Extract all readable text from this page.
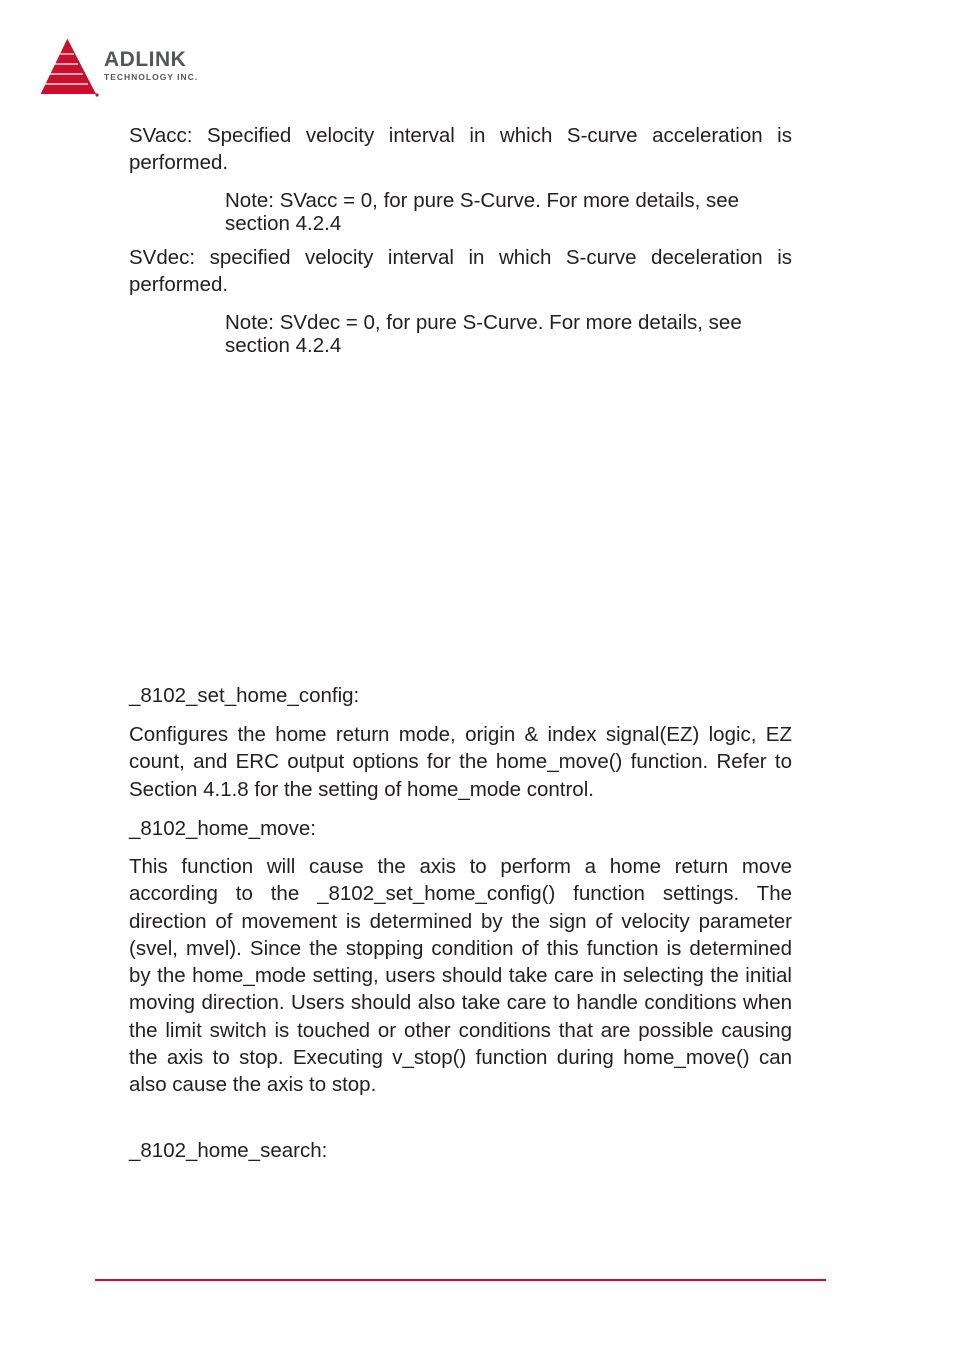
ADLINK
TECHNOLOGY INC.

SVacc: Specified velocity interval in which S-curve acceleration is performed.

Note: SVacc = 0, for pure S-Curve. For more details, see section 4.2.4

SVdec: specified velocity interval in which S-curve deceleration is performed.

Note: SVdec = 0, for pure S-Curve. For more details, see section 4.2.4

_8102_set_home_config:

Configures the home return mode, origin & index signal(EZ) logic, EZ count, and ERC output options for the home_move() function. Refer to Section 4.1.8 for the setting of home_mode control.

_8102_home_move:

This function will cause the axis to perform a home return move according to the _8102_set_home_config() function settings. The direction of movement is determined by the sign of velocity parameter (svel, mvel). Since the stopping condition of this function is determined by the home_mode setting, users should take care in selecting the initial moving direction. Users should also take care to handle conditions when the limit switch is touched or other conditions that are possible causing the axis to stop. Executing v_stop() function during home_move() can also cause the axis to stop.

_8102_home_search:
